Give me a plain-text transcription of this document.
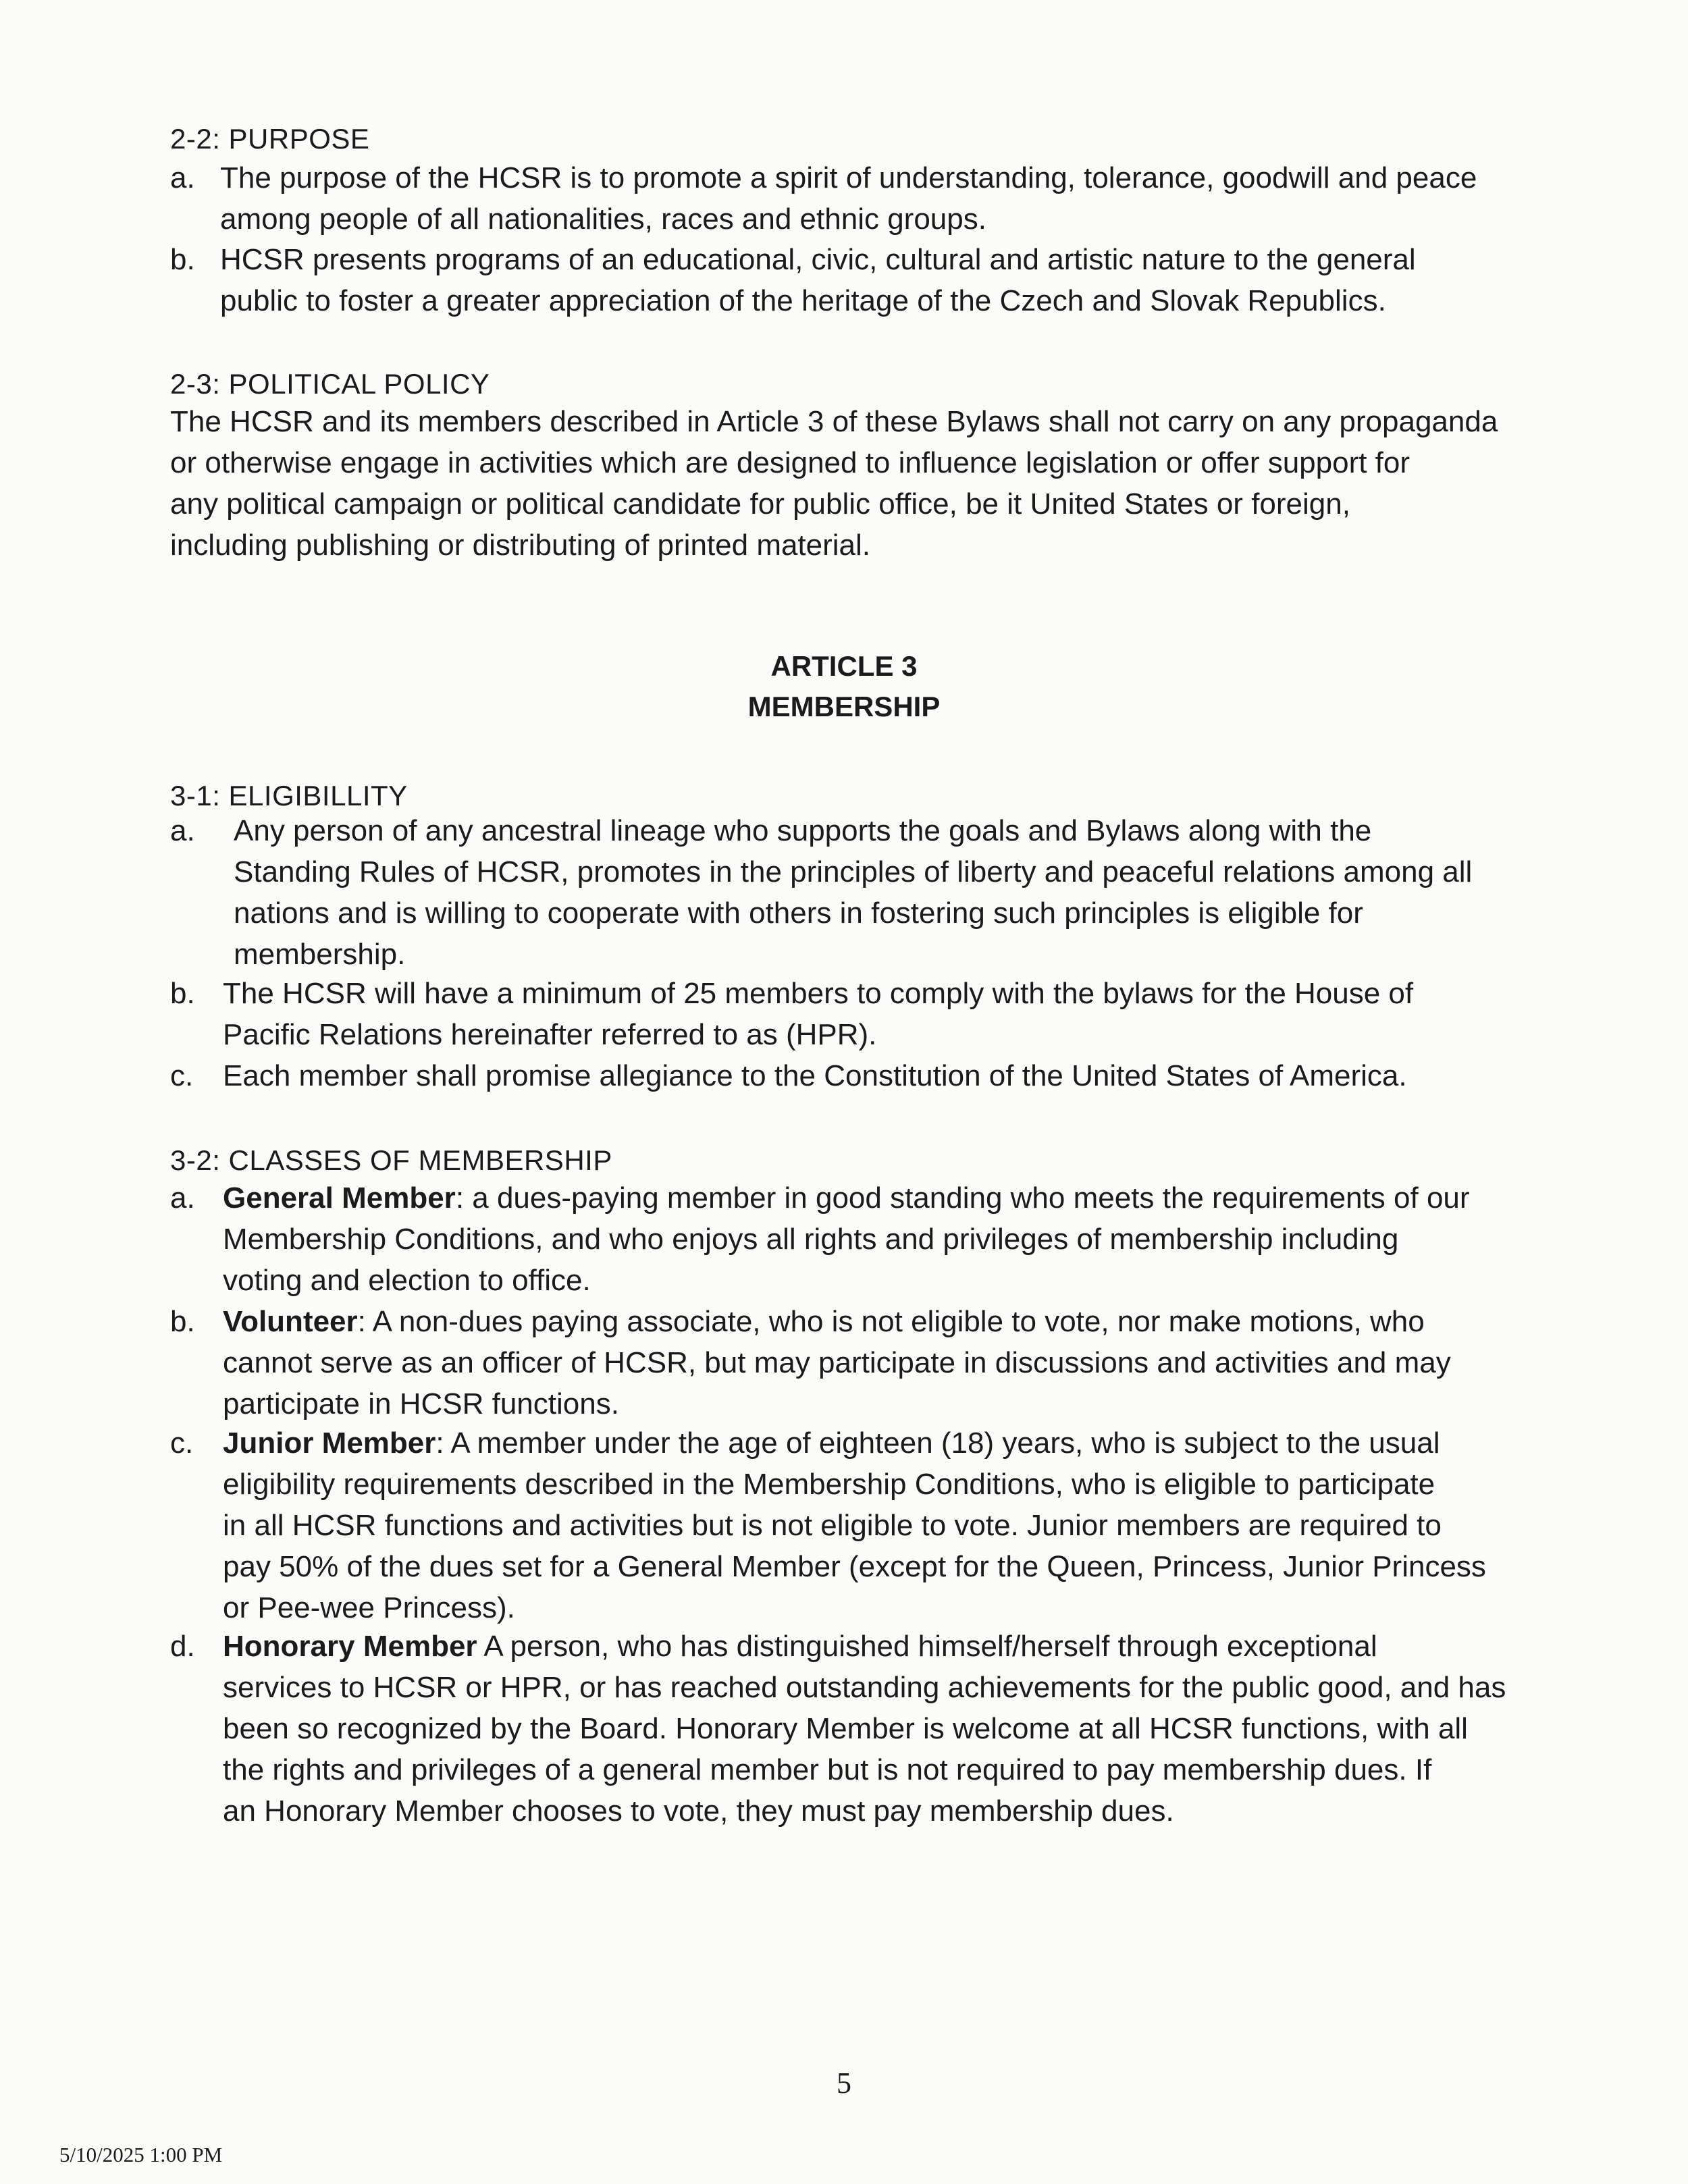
2-2: PURPOSE
a. The purpose of the HCSR is to promote a spirit of understanding, tolerance, goodwill and peace
among people of all nationalities, races and ethnic groups.
b. HCSR presents programs of an educational, civic, cultural and artistic nature to the general
public to foster a greater appreciation of the heritage of the Czech and Slovak Republics.
2-3: POLITICAL POLICY
The HCSR and its members described in Article 3 of these Bylaws shall not carry on any propaganda
or otherwise engage in activities which are designed to influence legislation or offer support for
any political campaign or political candidate for public office, be it United States or foreign,
including publishing or distributing of printed material.
ARTICLE 3
MEMBERSHIP
3-1: ELIGIBILLITY
a. Any person of any ancestral lineage who supports the goals and Bylaws along with the
Standing Rules of HCSR, promotes in the principles of liberty and peaceful relations among all
nations and is willing to cooperate with others in fostering such principles is eligible for
membership.
b. The HCSR will have a minimum of 25 members to comply with the bylaws for the House of
Pacific Relations hereinafter referred to as (HPR).
c. Each member shall promise allegiance to the Constitution of the United States of America.
3-2: CLASSES OF MEMBERSHIP
a. General Member: a dues-paying member in good standing who meets the requirements of our
Membership Conditions, and who enjoys all rights and privileges of membership including
voting and election to office.
b. Volunteer: A non-dues paying associate, who is not eligible to vote, nor make motions, who
cannot serve as an officer of HCSR, but may participate in discussions and activities and may
participate in HCSR functions.
c. Junior Member: A member under the age of eighteen (18) years, who is subject to the usual
eligibility requirements described in the Membership Conditions, who is eligible to participate
in all HCSR functions and activities but is not eligible to vote. Junior members are required to
pay 50% of the dues set for a General Member (except for the Queen, Princess, Junior Princess
or Pee-wee Princess).
d. Honorary Member A person, who has distinguished himself/herself through exceptional
services to HCSR or HPR, or has reached outstanding achievements for the public good, and has
been so recognized by the Board. Honorary Member is welcome at all HCSR functions, with all
the rights and privileges of a general member but is not required to pay membership dues. If
an Honorary Member chooses to vote, they must pay membership dues.
5
5/10/2025 1:00 PM
